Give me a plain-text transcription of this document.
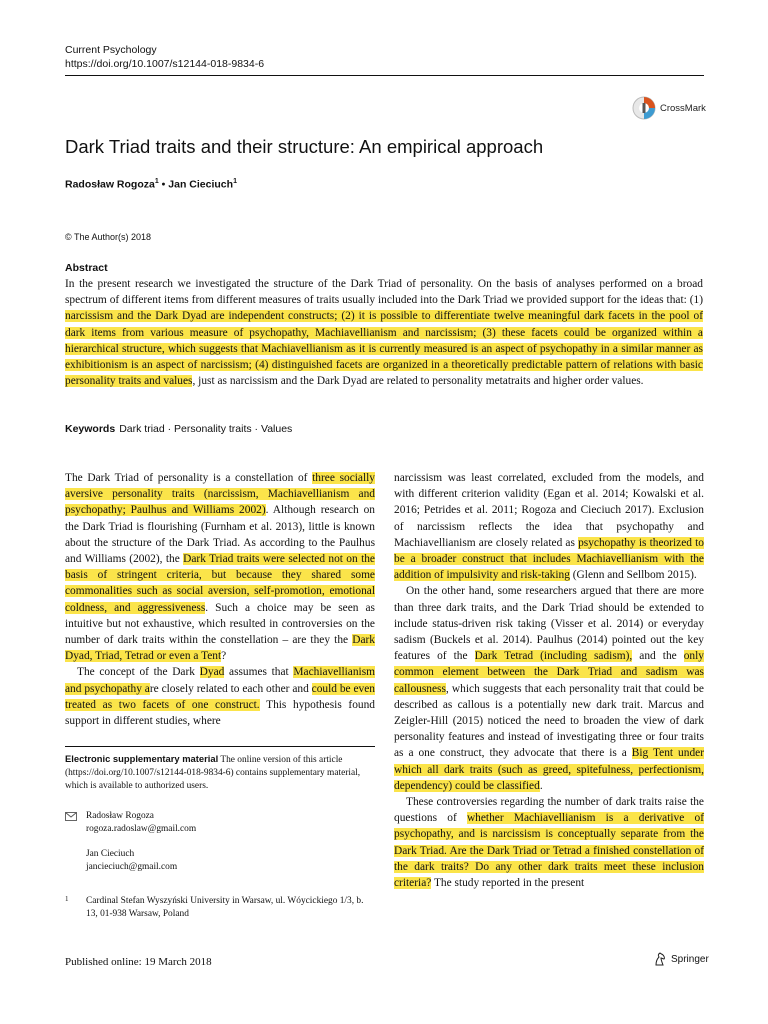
Current Psychology
https://doi.org/10.1007/s12144-018-9834-6
CrossMark
Dark Triad traits and their structure: An empirical approach
Radosław Rogoza$^1$ • Jan Cieciuch$^1$
© The Author(s) 2018
Abstract

In the present research we investigated the structure of the Dark Triad of personality. On the basis of analyses performed on a broad spectrum of different items from different measures of traits usually included into the Dark Triad we provided support for the ideas that: (1) narcissism and the Dark Dyad are independent constructs; (2) it is possible to differentiate twelve meaningful dark facets in the pool of dark items from various measure of psychopathy, Machiavellianism and narcissism; (3) these facets could be organized within a hierarchical structure, which suggests that Machiavellianism as it is currently measured is an aspect of psychopathy in a similar manner as exhibitionism is an aspect of narcissism; (4) distinguished facets are organized in a theoretically predictable pattern of relations with basic personality traits and values, just as narcissism and the Dark Dyad are related to personality metatraits and higher order values.

Keywords Dark triad · Personality traits · Values

The Dark Triad of personality is a constellation of three socially aversive personality traits (narcissism, Machiavellianism and psychopathy; Paulhus and Williams 2002). Although research on the Dark Triad is flourishing (Furnham et al. 2013), little is known about the structure of the Dark Triad. As according to the Paulhus and Williams (2002), the Dark Triad traits were selected not on the basis of stringent criteria, but because they shared some commonalities such as social aversion, self-promotion, emotional coldness, and aggressiveness. Such a choice may be seen as intuitive but not exhaustive, which resulted in controversies on the number of dark traits within the constellation – are they the Dark Dyad, Triad, Tetrad or even a Tent?

The concept of the Dark Dyad assumes that Machiavellianism and psychopathy are closely related to each other and could be even treated as two facets of one construct. This hypothesis found support in different studies, where

Electronic supplementary material The online version of this article (https://doi.org/10.1007/s12144-018-9834-6) contains supplementary material, which is available to authorized users.

Radosław Rogoza
rogoza.radoslaw@gmail.com
Jan Cieciuch
jancieciuch@gmail.com
1 Cardinal Stefan Wyszyński University in Warsaw, ul. Wóycickiego 1/3, b. 13, 01-938 Warsaw, Poland

narcissism was least correlated, excluded from the models, and with different criterion validity (Egan et al. 2014; Kowalski et al. 2016; Petrides et al. 2011; Rogoza and Cieciuch 2017). Exclusion of narcissism reflects the idea that psychopathy and Machiavellianism are closely related as psychopathy is theorized to be a broader construct that includes Machiavellianism with the addition of impulsivity and risk-taking (Glenn and Sellbom 2015).

On the other hand, some researchers argued that there are more than three dark traits, and the Dark Triad should be extended to include status-driven risk taking (Visser et al. 2014) or everyday sadism (Buckels et al. 2014). Paulhus (2014) pointed out the key features of the Dark Tetrad (including sadism), and the only common element between the Dark Triad and sadism was callousness, which suggests that each personality trait that could be described as callous is a potentially new dark trait. Marcus and Zeigler-Hill (2015) noticed the need to broaden the view of dark personality features and instead of investigating three or four traits as a one construct, they advocate that there is a Big Tent under which all dark traits (such as greed, spitefulness, perfectionism, dependency) could be classified.

These controversies regarding the number of dark traits raise the questions of whether Machiavellianism is a derivative of psychopathy, and is narcissism is conceptually separate from the Dark Triad. Are the Dark Triad or Tetrad a finished constellation of the dark traits? Do any other dark traits meet these inclusion criteria? The study reported in the present

Published online: 19 March 2018	Springer
